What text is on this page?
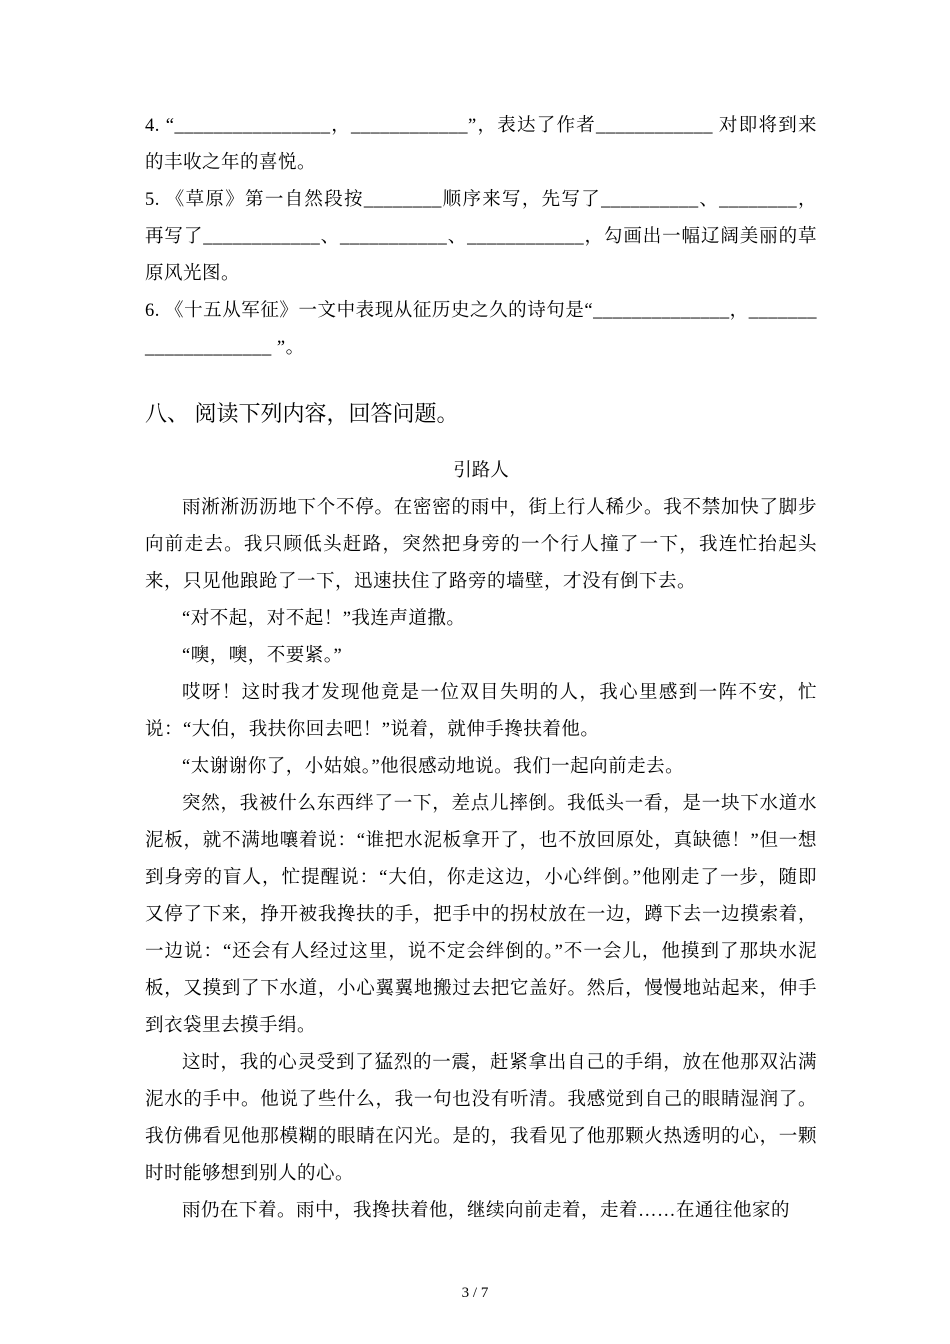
4. “________________，____________”，表达了作者____________ 对即将到来的丰收之年的喜悦。

5. 《草原》第一自然段按________顺序来写，先写了__________、________，再写了____________、___________、____________，勾画出一幅辽阔美丽的草原风光图。

6. 《十五从军征》一文中表现从征历史之久的诗句是“______________，____________________ ”。

八、 阅读下列内容，回答问题。

引路人

雨淅淅沥沥地下个不停。在密密的雨中，街上行人稀少。我不禁加快了脚步向前走去。我只顾低头赶路，突然把身旁的一个行人撞了一下，我连忙抬起头来，只见他踉跄了一下，迅速扶住了路旁的墙壁，才没有倒下去。

“对不起，对不起！”我连声道撒。

“噢，噢，不要紧。”

哎呀！这时我才发现他竟是一位双目失明的人，我心里感到一阵不安，忙说：“大伯，我扶你回去吧！”说着，就伸手搀扶着他。

“太谢谢你了，小姑娘。”他很感动地说。我们一起向前走去。

突然，我被什么东西绊了一下，差点儿摔倒。我低头一看，是一块下水道水泥板，就不满地嚷着说：“谁把水泥板拿开了，也不放回原处，真缺德！”但一想到身旁的盲人，忙提醒说：“大伯，你走这边，小心绊倒。”他刚走了一步，随即又停了下来，挣开被我搀扶的手，把手中的拐杖放在一边，蹲下去一边摸索着，一边说：“还会有人经过这里，说不定会绊倒的。”不一会儿，他摸到了那块水泥板，又摸到了下水道，小心翼翼地搬过去把它盖好。然后，慢慢地站起来，伸手到衣袋里去摸手绢。

这时，我的心灵受到了猛烈的一震，赶紧拿出自己的手绢，放在他那双沾满泥水的手中。他说了些什么，我一句也没有听清。我感觉到自己的眼睛湿润了。我仿佛看见他那模糊的眼睛在闪光。是的，我看见了他那颗火热透明的心，一颗时时能够想到别人的心。

雨仍在下着。雨中，我搀扶着他，继续向前走着，走着……在通往他家的

3 / 7
